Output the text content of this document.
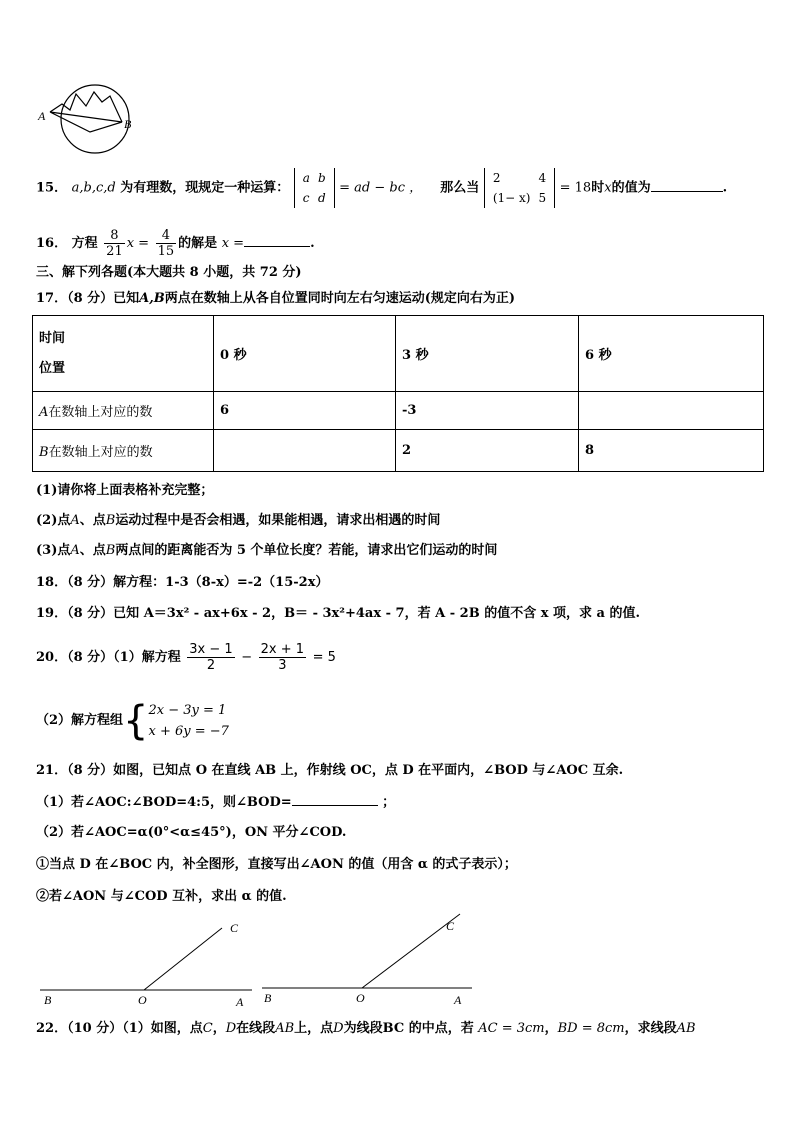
A
B
15． a,b,c,d 为有理数，现规定一种运算：
a	b
c	d
= ad − bc ， 那么当
2	4
(1− x)	5
= 18时x的值为	.
16． 方程 $\frac{8}{21}$ $x = \frac{4}{15}$ 的解是 x =	.
三、解下列各题(本大题共 8 小题，共 72 分)
17．（8 分）已知A,B两点在数轴上从各自位置同时向左右匀速运动(规定向右为正)
时间
位置	0 秒	3 秒	6 秒
A在数轴上对应的数	6	-3	
B在数轴上对应的数		2	8
(1)请你将上面表格补充完整；
(2)点A、点B运动过程中是否会相遇，如果能相遇，请求出相遇的时间
(3)点A、点B两点间的距离能否为 5 个单位长度？若能，请求出它们运动的时间
18．（8 分）解方程：1-3（8-x）=-2（15-2x）
19．（8 分）已知 A＝3x² - ax+6x - 2，B＝ - 3x²+4ax - 7，若 A - 2B 的值不含 x 项，求 a 的值.
20．（8 分）（1）解方程 $\frac{3x - 1}{2} - \frac{2x + 1}{3} = 5$
（2）解方程组{ 2x − 3y = 1
x + 6y = −7
21．（8 分）如图，已知点 O 在直线 AB 上，作射线 OC，点 D 在平面内，∠BOD 与∠AOC 互余.
（1）若∠AOC:∠BOD=4:5，则∠BOD=	；
（2）若∠AOC=α(0°<α≤45°)，ON 平分∠COD.
①当点 D 在∠BOC 内，补全图形，直接写出∠AON 的值（用含 α 的式子表示）；
②若∠AON 与∠COD 互补，求出 α 的值.
B	O	A
C
B	O	A
C
22．（10 分）（1）如图，点C，D在线段AB上，点D为线段BC 的中点，若 AC = 3cm，BD = 8cm，求线段AB
